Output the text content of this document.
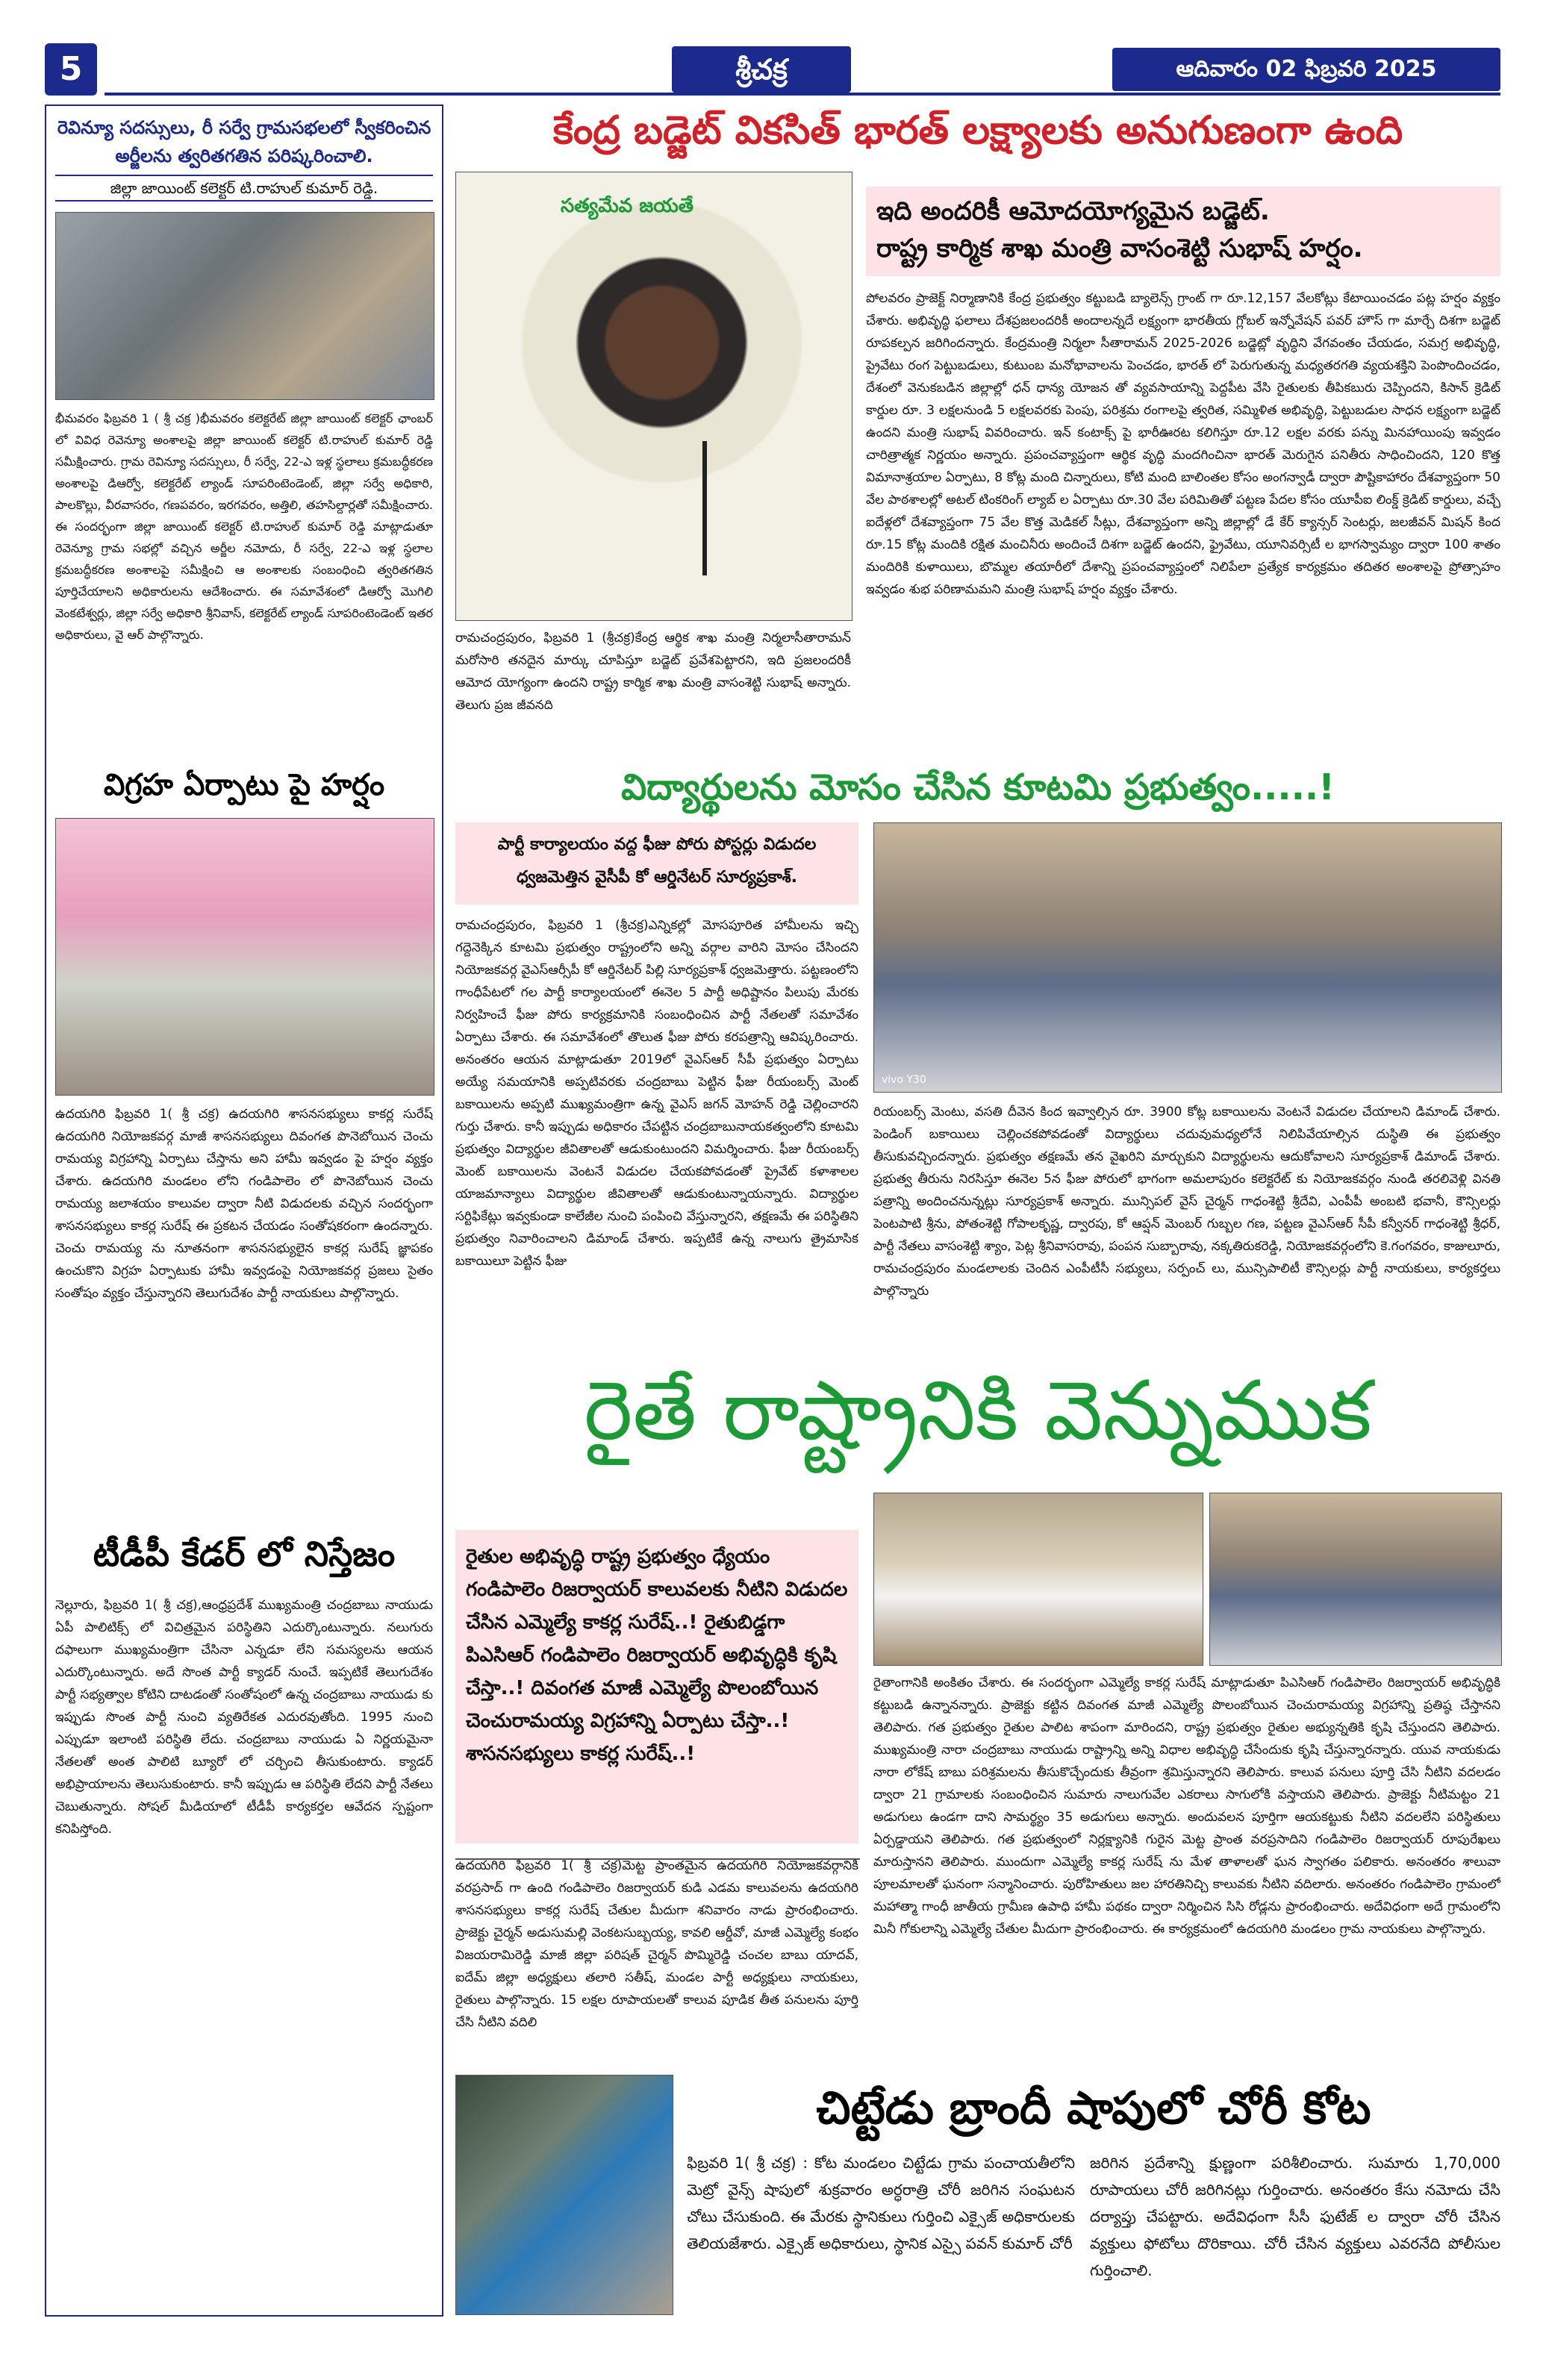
5	శ్రీచక్ర	ఆదివారం 02 ఫిబ్రవరి 2025
రెవిన్యూ సదస్సులు, రీ సర్వే గ్రామసభలలో స్వీకరించిన అర్జీలను త్వరితగతిన పరిష్కరించాలి.
జిల్లా జాయింట్ కలెక్టర్ టి.రాహుల్ కుమార్ రెడ్డి.

భీమవరం ఫిబ్రవరి 1 ( శ్రీ చక్ర )భీమవరం కలెక్టరేట్ జిల్లా జాయింట్ కలెక్టర్ ఛాంబర్ లో వివిధ రెవెన్యూ అంశాలపై జిల్లా జాయింట్ కలెక్టర్ టి.రాహుల్ కుమార్ రెడ్డి సమీక్షించారు. గ్రామ రెవిన్యూ సదస్సులు, రీ సర్వే, 22-ఎ ఇళ్ల స్థలాలు క్రమబద్ధీకరణ అంశాలపై డిఆర్వో, కలెక్టరేట్ ల్యాండ్ సూపరింటెండెంట్, జిల్లా సర్వే అధికారి, పాలకొల్లు, వీరవాసరం, గణపవరం, ఇరగవరం, అత్తిలి, తహసిల్దార్లతో సమీక్షించారు. ఈ సందర్భంగా జిల్లా జాయింట్ కలెక్టర్ టి.రాహుల్ కుమార్ రెడ్డి మాట్లాడుతూ రెవెన్యూ గ్రామ సభల్లో వచ్చిన అర్జీల నమోదు, రీ సర్వే, 22-ఎ ఇళ్ల స్థలాల క్రమబద్ధీకరణ అంశాలపై సమీక్షించి ఆ అంశాలకు సంబంధించి త్వరితగతిన పూర్తిచేయాలని అధికారులను ఆదేశించారు. ఈ సమావేశంలో డిఆర్వో మొగిలి వెంకటేశ్వర్లు, జిల్లా సర్వే అధికారి శ్రీనివాస్, కలెక్టరేట్ ల్యాండ్ సూపరింటెండెంట్ ఇతర అధికారులు, వై ఆర్ పాల్గొన్నారు.

విగ్రహ ఏర్పాటు పై హర్షం

ఉదయగిరి ఫిబ్రవరి 1( శ్రీ చక్ర) ఉదయగిరి శాసనసభ్యులు కాకర్ల సురేష్ ఉదయగిరి నియోజకవర్గ మాజీ శాసనసభ్యులు దివంగత పొనెబోయిన చెంచు రామయ్య విగ్రహాన్ని ఏర్పాటు చేస్తాను అని హామీ ఇవ్వడం పై హర్షం వ్యక్తం చేశారు. ఉదయగిరి మండలం లోని గండిపాలెం లో పొనెబోయిన చెంచు రామయ్య జలాశయం కాలువల ద్వారా నీటి విడుదలకు వచ్చిన సందర్భంగా శాసనసభ్యులు కాకర్ల సురేష్ ఈ ప్రకటన చేయడం సంతోషకరంగా ఉందన్నారు. చెంచు రామయ్య ను నూతనంగా శాసనసభ్యులైన కాకర్ల సురేష్ జ్ఞాపకం ఉంచుకొని విగ్రహ ఏర్పాటుకు హామీ ఇవ్వడంపై నియోజకవర్గ ప్రజలు సైతం సంతోషం వ్యక్తం చేస్తున్నారని తెలుగుదేశం పార్టీ నాయకులు పాల్గొన్నారు.

టీడీపీ కేడర్ లో నిస్తేజం

నెల్లూరు, ఫిబ్రవరి 1( శ్రీ చక్ర),ఆంధ్రప్రదేశ్ ముఖ్యమంత్రి చంద్రబాబు నాయుడు ఏపీ పాలిటిక్స్ లో విచిత్రమైన పరిస్థితిని ఎదుర్కొంటున్నారు. నలుగురు దఫాలుగా ముఖ్యమంత్రిగా చేసినా ఎన్నడూ లేని సమస్యలను ఆయన ఎదుర్కొంటున్నారు. అదే సొంత పార్టీ క్యాడర్ నుంచే. ఇప్పటికే తెలుగుదేశం పార్టీ సభ్యత్వాల కోటిని దాటడంతో సంతోషంలో ఉన్న చంద్రబాబు నాయుడు కు ఇప్పుడు సొంత పార్టీ నుంచి వ్యతిరేకత ఎదురవుతోంది. 1995 నుంచి ఎప్పుడూ ఇలాంటి పరిస్థితి లేదు. చంద్రబాబు నాయుడు ఏ నిర్ణయమైనా నేతలతో అంత పాలిటి బ్యూరో లో చర్చించి తీసుకుంటారు. క్యాడర్ అభిప్రాయాలను తెలుసుకుంటారు. కానీ ఇప్పుడు ఆ పరిస్థితి లేదని పార్టీ నేతలు చెబుతున్నారు. సోషల్ మీడియాలో టీడీపీ కార్యకర్తల ఆవేదన స్పష్టంగా కనిపిస్తోంది.

కేంద్ర బడ్జెట్ వికసిత్ భారత్ లక్ష్యాలకు అనుగుణంగా ఉంది
సత్యమేవ జయతే

రామచంద్రపురం, ఫిబ్రవరి 1 (శ్రీచక్ర)కేంద్ర ఆర్థిక శాఖ మంత్రి నిర్మలాసీతారామన్ మరోసారి తనదైన మార్కు చూపిస్తూ బడ్జెట్ ప్రవేశపెట్టారని, ఇది ప్రజలందరికీ ఆమోద యోగ్యంగా ఉందని రాష్ట్ర కార్మిక శాఖ మంత్రి వాసంశెట్టి సుభాష్ అన్నారు. తెలుగు ప్రజ జీవనది

ఇది అందరికీ ఆమోదయోగ్యమైన బడ్జెట్.
రాష్ట్ర కార్మిక శాఖ మంత్రి వాసంశెట్టి సుభాష్ హర్షం.

పోలవరం ప్రాజెక్ట్ నిర్మాణానికి కేంద్ర ప్రభుత్వం కట్టుబడి బ్యాలెన్స్ గ్రాంట్ గా రూ.12,157 వేలకోట్లు కేటాయించడం పట్ల హర్షం వ్యక్తం చేశారు. అభివృద్ధి ఫలాలు దేశప్రజలందరికీ అందాలన్నదే లక్ష్యంగా భారతీయ గ్లోబల్ ఇన్నోవేషన్ పవర్ హౌస్ గా మార్చే దిశగా బడ్జెట్ రూపకల్పన జరిగిందన్నారు. కేంద్రమంత్రి నిర్మలా సీతారామన్ 2025-2026 బడ్జెట్లో వృద్ధిని వేగవంతం చేయడం, సమగ్ర అభివృద్ధి, ప్రైవేటు రంగ పెట్టుబడులు, కుటుంబ మనోభావాలను పెంచడం, భారత్ లో పెరుగుతున్న మధ్యతరగతి వ్యయశక్తిని పెంపొందించడం, దేశంలో వెనుకబడిన జిల్లాల్లో ధన్ ధాన్య యోజన తో వ్యవసాయాన్ని పెద్దపీట వేసి రైతులకు తీపికబురు చెప్పిందని, కిసాన్ క్రెడిట్ కార్డుల రూ. 3 లక్షలనుండి 5 లక్షలవరకు పెంపు, పరిశ్రమ రంగాలపై త్వరిత, సమ్మిళిత అభివృద్ధి, పెట్టుబడుల సాధన లక్ష్యంగా బడ్జెట్ ఉందని మంత్రి సుభాష్ వివరించారు. ఇన్ కంటాక్స్ పై భారీఊరట కలిగిస్తూ రూ.12 లక్షల వరకు పన్ను మినహాయింపు ఇవ్వడం చారిత్రాత్మక నిర్ణయం అన్నారు. ప్రపంచవ్యాప్తంగా ఆర్థిక వృద్ధి మందగించినా భారత్ మెరుగైన పనితీరు సాధించిందని, 120 కొత్త విమానాశ్రయాల ఏర్పాటు, 8 కోట్ల మంది చిన్నారులు, కోటి మంది బాలింతల కోసం అంగన్వాడీ ద్వారా పౌష్టికాహారం దేశవ్యాప్తంగా 50 వేల పాఠశాలల్లో అటల్ టింకరింగ్ ల్యాబ్ ల ఏర్పాటు రూ.30 వేల పరిమితితో పట్టణ పేదల కోసం యూపీఐ లింక్డ్ క్రెడిట్ కార్డులు, వచ్చే ఐదేళ్లలో దేశవ్యాప్తంగా 75 వేల కొత్త మెడికల్ సీట్లు, దేశవ్యాప్తంగా అన్ని జిల్లాల్లో డే కేర్ క్యాన్సర్ సెంటర్లు, జలజీవన్ మిషన్ కింద రూ.15 కోట్ల మందికి రక్షిత మంచినీరు అందించే దిశగా బడ్జెట్ ఉందని, ఫ్రైవేటు, యూనివర్సిటీ ల భాగస్వామ్యం ద్వారా 100 శాతం మందిరికి కుళాయిలు, బొమ్మల తయారీలో దేశాన్ని ప్రపంచవ్యాప్తంలో నిలిపేలా ప్రత్యేక కార్యక్రమం తదితర అంశాలపై ప్రోత్సాహం ఇవ్వడం శుభ పరిణామమని మంత్రి సుభాష్ హర్షం వ్యక్తం చేశారు.

విద్యార్థులను మోసం చేసిన కూటమి ప్రభుత్వం.....!
పార్టీ కార్యాలయం వద్ద ఫీజు పోరు పోస్టర్లు విడుదల
ధ్వజమెత్తిన వైసీపీ కో ఆర్డినేటర్ సూర్యప్రకాశ్.

రామచంద్రపురం, ఫిబ్రవరి 1 (శ్రీచక్ర)ఎన్నికల్లో మోసపూరిత హామీలను ఇచ్చి గద్దెనెక్కిన కూటమి ప్రభుత్వం రాష్ట్రంలోని అన్ని వర్గాల వారిని మోసం చేసిందని నియోజకవర్గ వైఎస్ఆర్సీపీ కో ఆర్డినేటర్ పిల్లి సూర్యప్రకాశ్ ధ్వజమెత్తారు. పట్టణంలోని గాంధీపేటలో గల పార్టీ కార్యాలయంలో ఈనెల 5 పార్టీ అధిష్టానం పిలుపు మేరకు నిర్వహించే ఫీజు పోరు కార్యక్రమానికి సంబంధించిన పార్టీ నేతలతో సమావేశం ఏర్పాటు చేశారు. ఈ సమావేశంలో తొలుత ఫీజు పోరు కరపత్రాన్ని ఆవిష్కరించారు. అనంతరం ఆయన మాట్లాడుతూ 2019లో వైఎస్ఆర్ సీపీ ప్రభుత్వం ఏర్పాటు అయ్యే సమయానికి అప్పటివరకు చంద్రబాబు పెట్టిన ఫీజు రీయంబర్స్ మెంట్ బకాయిలను అప్పటి ముఖ్యమంత్రిగా ఉన్న వైఎస్ జగన్ మోహన్ రెడ్డి చెల్లించారని గుర్తు చేశారు. కానీ ఇప్పుడు అధికారం చేపట్టిన చంద్రబాబునాయకత్వంలోని కూటమి ప్రభుత్వం విద్యార్థుల జీవితాలతో ఆడుకుంటుందని విమర్శించారు. ఫీజు రీయంబర్స్ మెంట్ బకాయిలను వెంటనే విడుదల చేయకపోవడంతో ప్రైవేట్ కళాశాలల యాజమాన్యాలు విద్యార్థుల జీవితాలతో ఆడుకుంటున్నాయన్నారు. విద్యార్థుల సర్టిఫికేట్లు ఇవ్వకుండా కాలేజీల నుంచి పంపించి వేస్తున్నారని, తక్షణమే ఈ పరిస్థితిని ప్రభుత్వం నివారించాలని డిమాండ్ చేశారు. ఇప్పటికే ఉన్న నాలుగు త్రైమాసిక బకాయిలూ పెట్టిన ఫీజు

vivo Y30

రియంబర్స్ మెంటు, వసతి దీవెన కింద ఇవ్వాల్సిన రూ. 3900 కోట్ల బకాయిలను వెంటనే విడుదల చేయాలని డిమాండ్ చేశారు. పెండింగ్ బకాయిలు చెల్లించకపోవడంతో విద్యార్థులు చదువుమధ్యలోనే నిలిపివేయాల్సిన దుస్థితి ఈ ప్రభుత్వం తీసుకువచ్చిందన్నారు. ప్రభుత్వం తక్షణమే తన వైఖరిని మార్చుకుని విద్యార్థులను ఆదుకోవాలని సూర్యప్రకాశ్ డిమాండ్ చేశారు. ప్రభుత్వ తీరును నిరసిస్తూ ఈనెల 5న ఫీజు పోరులో భాగంగా అమలాపురం కలెక్టరేట్ కు నియోజకవర్గం నుండి తరలివెళ్లి వినతి పత్రాన్ని అందించనున్నట్లు సూర్యప్రకాశ్ అన్నారు. మున్సిపల్ వైస్ చైర్మన్ గాధంశెట్టి శ్రీదేవి, ఎంపీపీ అంబటి భవానీ, కౌన్సిలర్లు పెంటపాటి శ్రీను, పోతంశెట్టి గోపాలకృష్ణ, ద్వారపు, కో ఆప్షన్ మెంబర్ గుబ్బల గణ, పట్టణ వైఎస్ఆర్ సీపీ కన్వీనర్ గాధంశెట్టి శ్రీధర్, పార్టీ నేతలు వాసంశెట్టి శ్యాం, పెట్ల శ్రీనివాసరావు, పంపన సుబ్బారావు, నక్కతిరుకరెడ్డి, నియోజకవర్గంలోని కె.గంగవరం, కాజులూరు, రామచంద్రపురం మండలాలకు చెందిన ఎంపీటీసీ సభ్యులు, సర్పంచ్ లు, మున్సిపాలిటీ కౌన్సిలర్లు పార్టీ నాయకులు, కార్యకర్తలు పాల్గొన్నారు

రైతే రాష్ట్రానికి వెన్నుముక
రైతుల అభివృద్ధి రాష్ట్ర ప్రభుత్వం ధ్యేయం గండిపాలెం రిజర్వాయర్ కాలువలకు నీటిని విడుదల చేసిన ఎమ్మెల్యే కాకర్ల సురేష్..! రైతుబిడ్డగా పిఎసిఆర్ గండిపాలెం రిజర్వాయర్ అభివృద్ధికి కృషి చేస్తా..! దివంగత మాజీ ఎమ్మెల్యే పొలంబోయిన చెంచురామయ్య విగ్రహాన్ని ఏర్పాటు చేస్తా..! శాసనసభ్యులు కాకర్ల సురేష్..!

ఉదయగిరి ఫిబ్రవరి 1( శ్రీ చక్ర)మెట్ట ప్రాంతమైన ఉదయగిరి నియోజకవర్గానికి వరప్రసాద్ గా ఉంది గండిపాలెం రిజర్వాయర్ కుడి ఎడమ కాలువలను ఉదయగిరి శాసనసభ్యులు కాకర్ల సురేష్ చేతుల మీదుగా శనివారం నాడు ప్రారంభించారు. ప్రాజెక్టు చైర్మన్ అడుసుమల్లి వెంకటసుబ్బయ్య, కావలి ఆర్డీవో, మాజీ ఎమ్మెల్యే కంభం విజయరామిరెడ్డి మాజీ జిల్లా పరిషత్ చైర్మన్ పొమ్మిరెడ్డి చంచల బాబు యాదవ్, ఐదేమ్ జిల్లా అధ్యక్షులు తలారి సతీష్, మండల పార్టీ అధ్యక్షులు నాయకులు, రైతులు పాల్గొన్నారు. 15 లక్షల రూపాయలతో కాలువ పూడిక తీత పనులను పూర్తి చేసి నీటిని వదిలి

రైతాంగానికి అంకితం చేశారు. ఈ సందర్భంగా ఎమ్మెల్యే కాకర్ల సురేష్ మాట్లాడుతూ పిఎసిఆర్ గండిపాలెం రిజర్వాయర్ అభివృద్ధికి కట్టుబడి ఉన్నానన్నారు. ప్రాజెక్టు కట్టిన దివంగత మాజీ ఎమ్మెల్యే పొలంబోయిన చెంచురామయ్య విగ్రహాన్ని ప్రతిష్ఠ చేస్తానని తెలిపారు. గత ప్రభుత్వం రైతుల పాలిట శాపంగా మారిందని, రాష్ట్ర ప్రభుత్వం రైతుల అభ్యున్నతికి కృషి చేస్తుందని తెలిపారు. ముఖ్యమంత్రి నారా చంద్రబాబు నాయుడు రాష్ట్రాన్ని అన్ని విధాల అభివృద్ధి చేసేందుకు కృషి చేస్తున్నారన్నారు. యువ నాయకుడు నారా లోకేష్ బాబు పరిశ్రమలను తీసుకొచ్చేందుకు తీవ్రంగా శ్రమిస్తున్నారని తెలిపారు. కాలువ పనులు పూర్తి చేసి నీటిని వదలడం ద్వారా 21 గ్రామాలకు సంబంధించిన సుమారు నాలుగువేల ఎకరాలు సాగులోకి వస్తాయని తెలిపారు. ప్రాజెక్టు నీటిమట్టం 21 అడుగులు ఉండగా దాని సామర్థ్యం 35 అడుగులు అన్నారు. అందువలన పూర్తిగా ఆయకట్టుకు నీటిని వదలలేని పరిస్థితులు ఏర్పడ్డాయని తెలిపారు. గత ప్రభుత్వంలో నిర్లక్ష్యానికి గురైన మెట్ట ప్రాంత వరప్రసాదిని గండిపాలెం రిజర్వాయర్ రూపురేఖలు మారుస్తానని తెలిపారు. ముందుగా ఎమ్మెల్యే కాకర్ల సురేష్ ను మేళ తాళాలతో ఘన స్వాగతం పలికారు. అనంతరం శాలువా పూలమాలతో ఘనంగా సన్మానించారు. పురోహితులు జల హారతినిచ్చి కాలువకు నీటిని వదిలారు. అనంతరం గండిపాలెం గ్రామంలో మహాత్మా గాంధీ జాతీయ గ్రామీణ ఉపాధి హామీ పథకం ద్వారా నిర్మించిన సిసి రోడ్లను ప్రారంభించారు. అదేవిధంగా అదే గ్రామంలోని మినీ గోకులాన్ని ఎమ్మెల్యే చేతుల మీదుగా ప్రారంభించారు. ఈ కార్యక్రమంలో ఉదయగిరి మండలం గ్రామ నాయకులు పాల్గొన్నారు.

చిట్టేడు బ్రాందీ షాపులో చోరీ కోట

ఫిబ్రవరి 1( శ్రీ చక్ర) : కోట మండలం చిట్టేడు గ్రామ పంచాయతీలోని మెట్రో వైన్స్ షాపులో శుక్రవారం అర్ధరాత్రి చోరీ జరిగిన సంఘటన చోటు చేసుకుంది. ఈ మేరకు స్థానికులు గుర్తించి ఎక్సైజ్ అధికారులకు తెలియజేశారు. ఎక్సైజ్ అధికారులు, స్థానిక ఎస్సై పవన్ కుమార్ చోరీ

జరిగిన ప్రదేశాన్ని క్షుణ్ణంగా పరిశీలించారు. సుమారు 1,70,000 రూపాయలు చోరీ జరిగినట్లు గుర్తించారు. అనంతరం కేసు నమోదు చేసి దర్యాప్తు చేపట్టారు. అదేవిధంగా సీసీ ఫుటేజ్ ల ద్వారా చోరీ చేసిన వ్యక్తులు ఫోటోలు దొరికాయి. చోరీ చేసిన వ్యక్తులు ఎవరనేది పోలీసుల గుర్తించాలి.
